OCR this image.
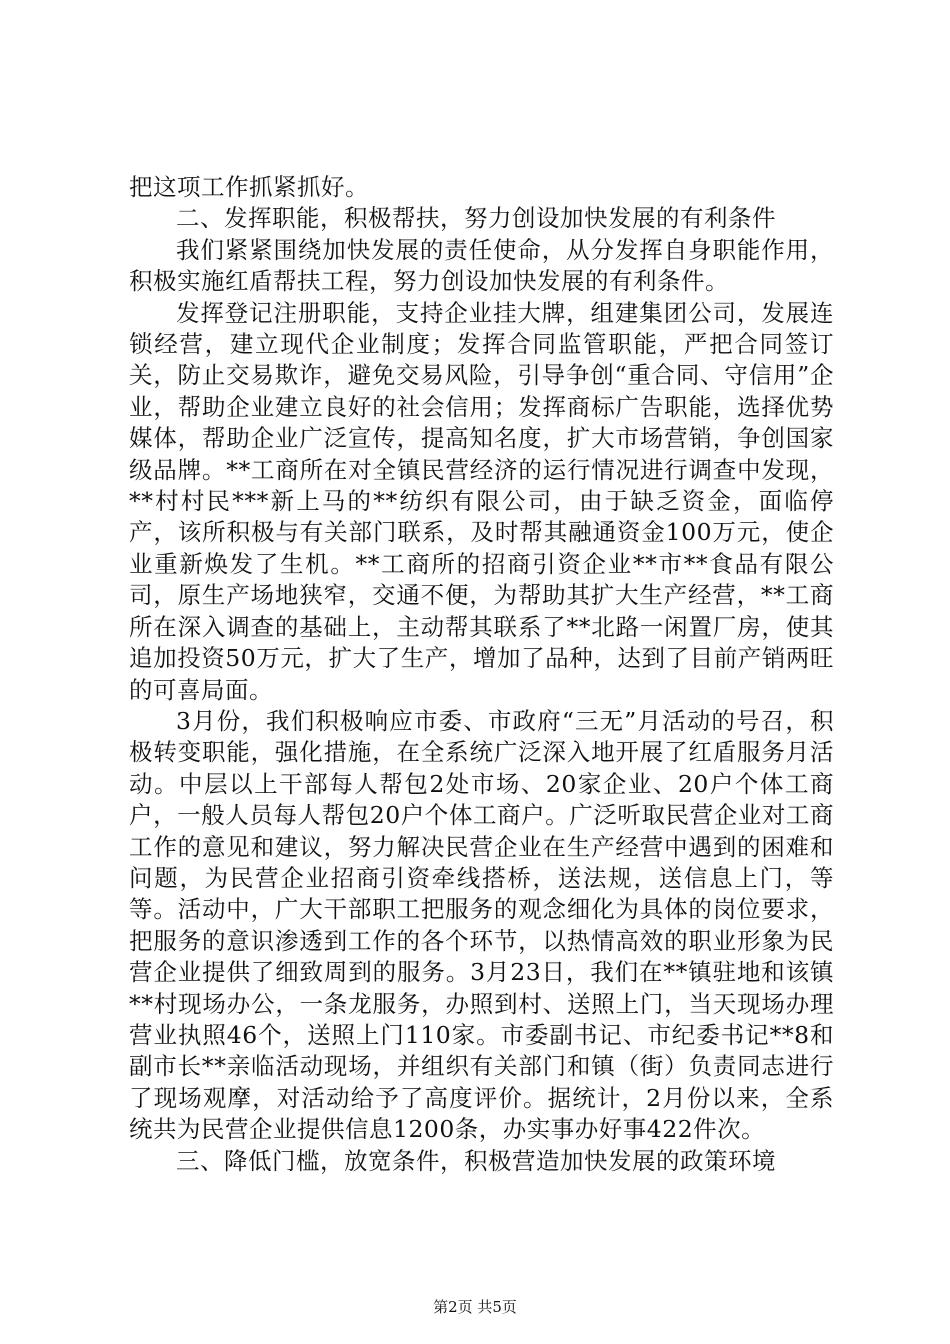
把这项工作抓紧抓好。

二、发挥职能，积极帮扶，努力创设加快发展的有利条件

我们紧紧围绕加快发展的责任使命，从分发挥自身职能作用，积极实施红盾帮扶工程，努力创设加快发展的有利条件。

发挥登记注册职能，支持企业挂大牌，组建集团公司，发展连锁经营，建立现代企业制度；发挥合同监管职能，严把合同签订关，防止交易欺诈，避免交易风险，引导争创“重合同、守信用”企业，帮助企业建立良好的社会信用；发挥商标广告职能，选择优势媒体，帮助企业广泛宣传，提高知名度，扩大市场营销，争创国家级品牌。**工商所在对全镇民营经济的运行情况进行调查中发现，**村村民***新上马的**纺织有限公司，由于缺乏资金，面临停产，该所积极与有关部门联系，及时帮其融通资金100万元，使企业重新焕发了生机。**工商所的招商引资企业**市**食品有限公司，原生产场地狭窄，交通不便，为帮助其扩大生产经营，**工商所在深入调查的基础上，主动帮其联系了**北路一闲置厂房，使其追加投资50万元，扩大了生产，增加了品种，达到了目前产销两旺的可喜局面。

3月份，我们积极响应市委、市政府“三无”月活动的号召，积极转变职能，强化措施，在全系统广泛深入地开展了红盾服务月活动。中层以上干部每人帮包2处市场、20家企业、20户个体工商户，一般人员每人帮包20户个体工商户。广泛听取民营企业对工商工作的意见和建议，努力解决民营企业在生产经营中遇到的困难和问题，为民营企业招商引资牵线搭桥，送法规，送信息上门，等等。活动中，广大干部职工把服务的观念细化为具体的岗位要求，把服务的意识渗透到工作的各个环节，以热情高效的职业形象为民营企业提供了细致周到的服务。3月23日，我们在**镇驻地和该镇**村现场办公，一条龙服务，办照到村、送照上门，当天现场办理营业执照46个，送照上门110家。市委副书记、市纪委书记**8和副市长**亲临活动现场，并组织有关部门和镇（街）负责同志进行了现场观摩，对活动给予了高度评价。据统计，2月份以来，全系统共为民营企业提供信息1200条，办实事办好事422件次。

三、降低门槛，放宽条件，积极营造加快发展的政策环境

第2页 共5页
